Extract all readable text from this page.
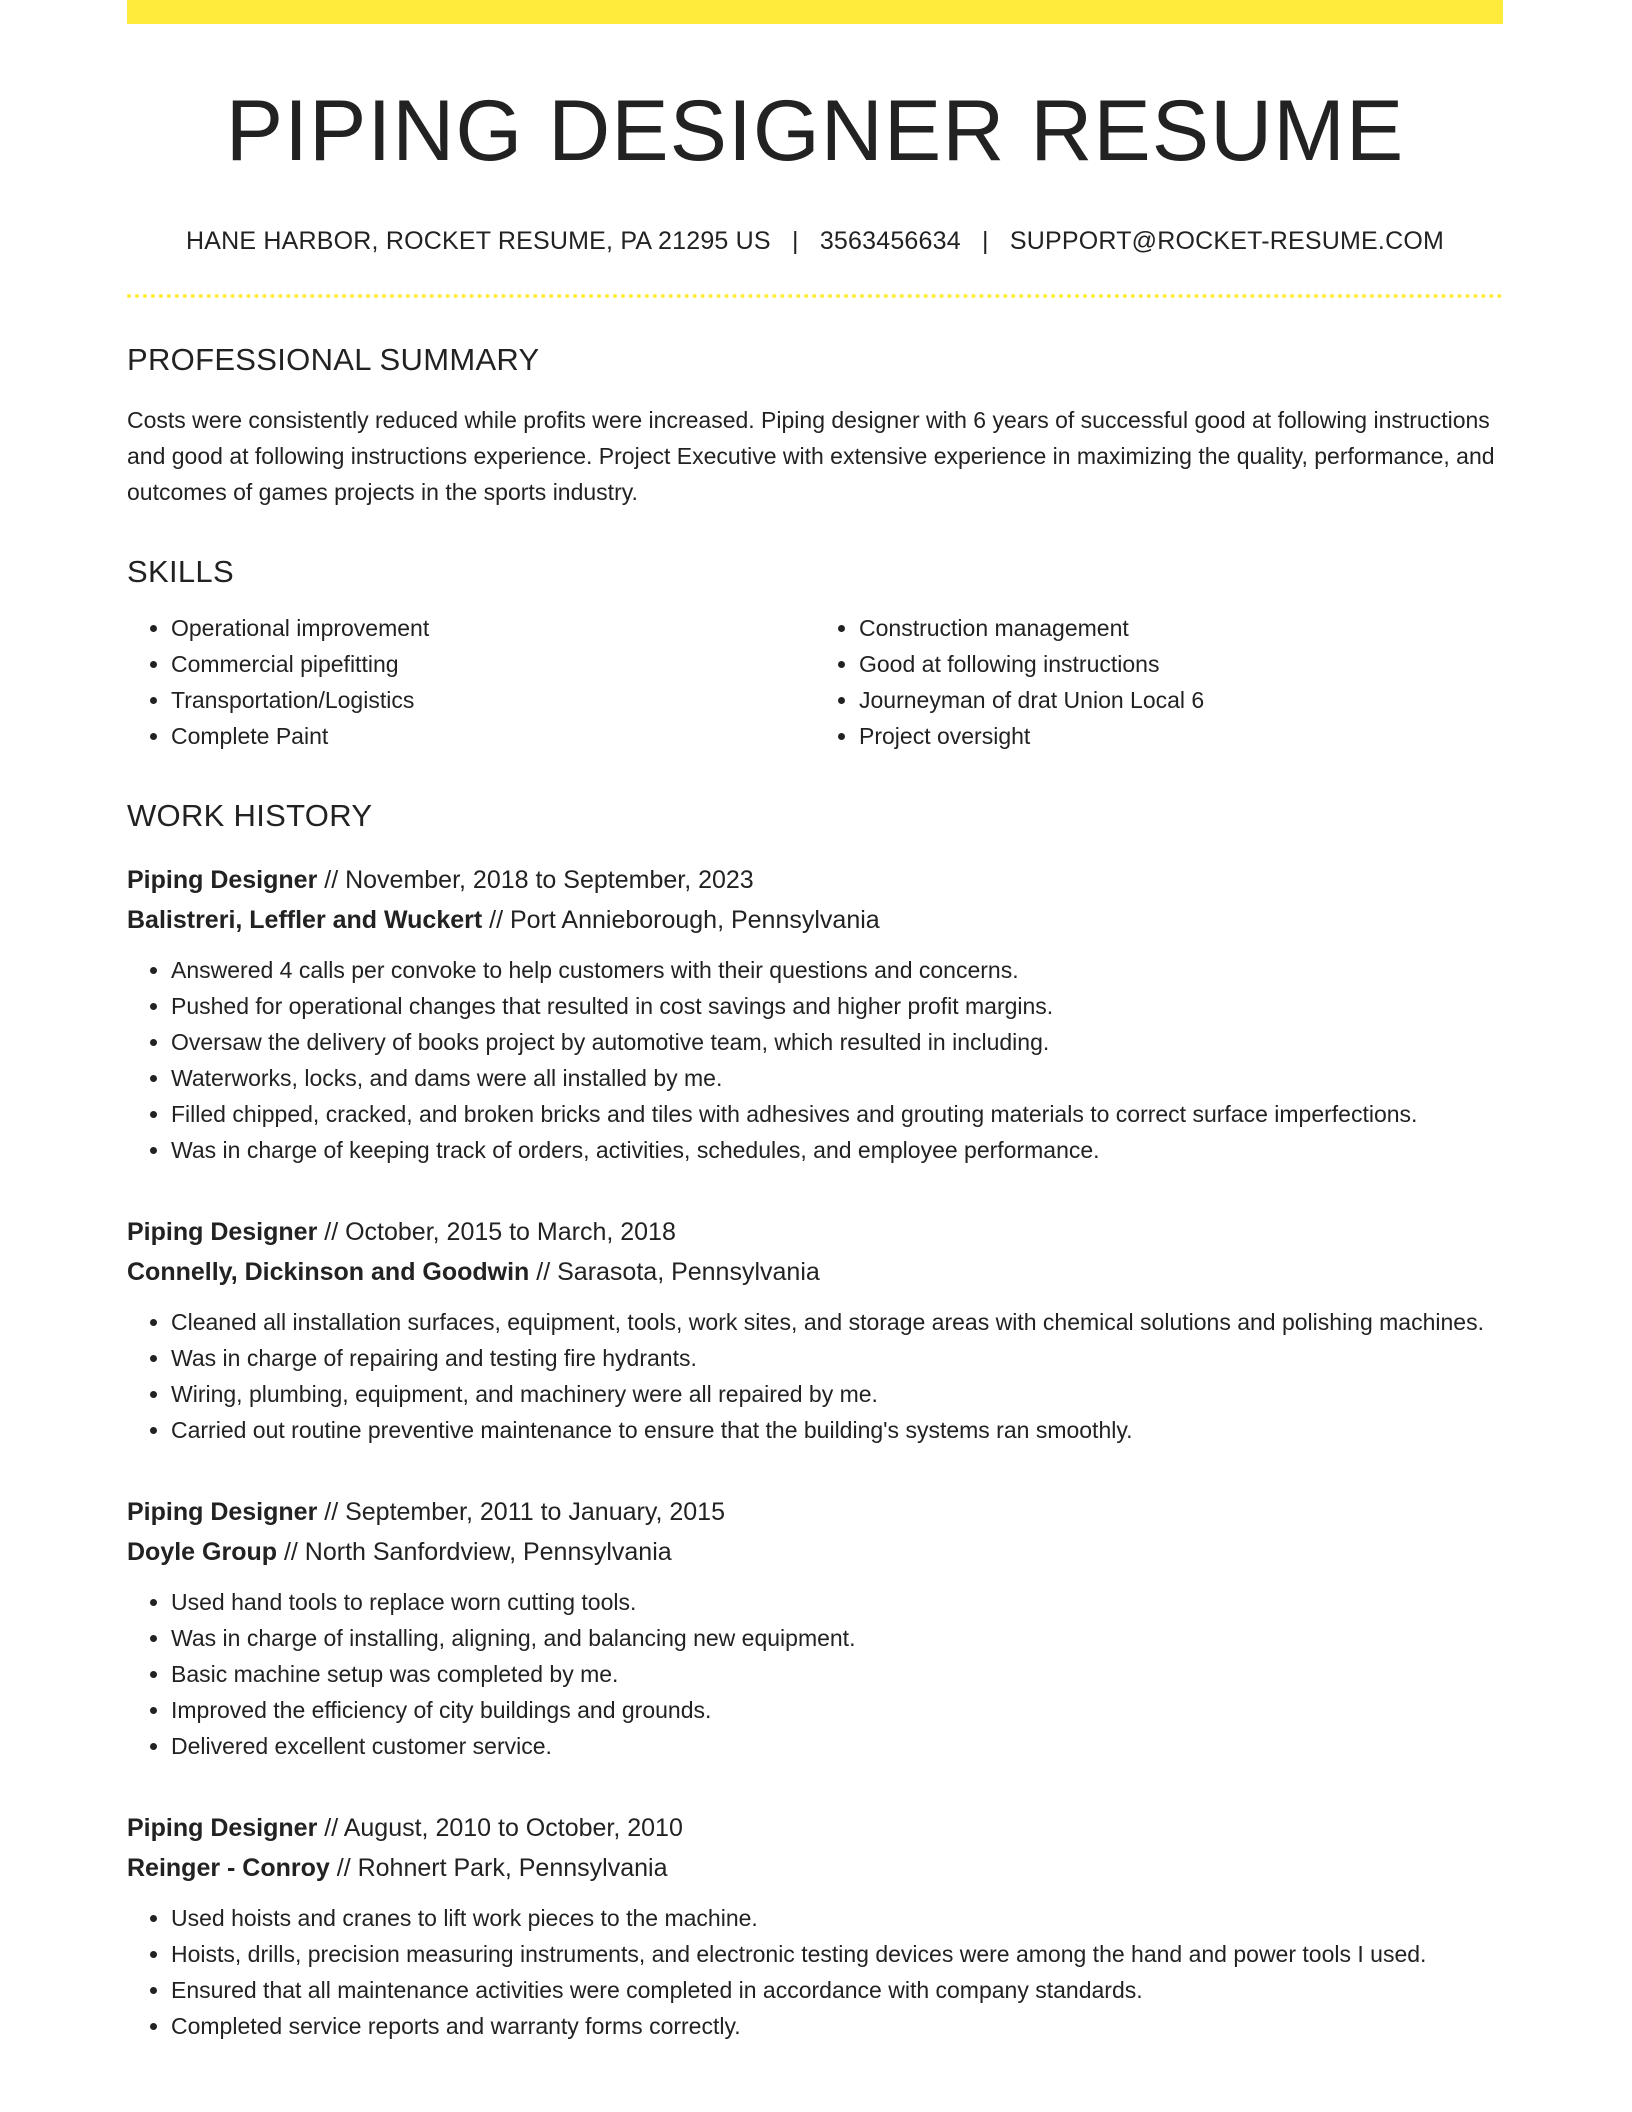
PIPING DESIGNER RESUME
HANE HARBOR, ROCKET RESUME, PA 21295 US | 3563456634 | SUPPORT@ROCKET-RESUME.COM
PROFESSIONAL SUMMARY
Costs were consistently reduced while profits were increased. Piping designer with 6 years of successful good at following instructions and good at following instructions experience. Project Executive with extensive experience in maximizing the quality, performance, and outcomes of games projects in the sports industry.
SKILLS
• Operational improvement
• Commercial pipefitting
• Transportation/Logistics
• Complete Paint
• Construction management
• Good at following instructions
• Journeyman of drat Union Local 6
• Project oversight
WORK HISTORY
Piping Designer // November, 2018 to September, 2023
Balistreri, Leffler and Wuckert // Port Annieborough, Pennsylvania
• Answered 4 calls per convoke to help customers with their questions and concerns.
• Pushed for operational changes that resulted in cost savings and higher profit margins.
• Oversaw the delivery of books project by automotive team, which resulted in including.
• Waterworks, locks, and dams were all installed by me.
• Filled chipped, cracked, and broken bricks and tiles with adhesives and grouting materials to correct surface imperfections.
• Was in charge of keeping track of orders, activities, schedules, and employee performance.
Piping Designer // October, 2015 to March, 2018
Connelly, Dickinson and Goodwin // Sarasota, Pennsylvania
• Cleaned all installation surfaces, equipment, tools, work sites, and storage areas with chemical solutions and polishing machines.
• Was in charge of repairing and testing fire hydrants.
• Wiring, plumbing, equipment, and machinery were all repaired by me.
• Carried out routine preventive maintenance to ensure that the building's systems ran smoothly.
Piping Designer // September, 2011 to January, 2015
Doyle Group // North Sanfordview, Pennsylvania
• Used hand tools to replace worn cutting tools.
• Was in charge of installing, aligning, and balancing new equipment.
• Basic machine setup was completed by me.
• Improved the efficiency of city buildings and grounds.
• Delivered excellent customer service.
Piping Designer // August, 2010 to October, 2010
Reinger - Conroy // Rohnert Park, Pennsylvania
• Used hoists and cranes to lift work pieces to the machine.
• Hoists, drills, precision measuring instruments, and electronic testing devices were among the hand and power tools I used.
• Ensured that all maintenance activities were completed in accordance with company standards.
• Completed service reports and warranty forms correctly.
